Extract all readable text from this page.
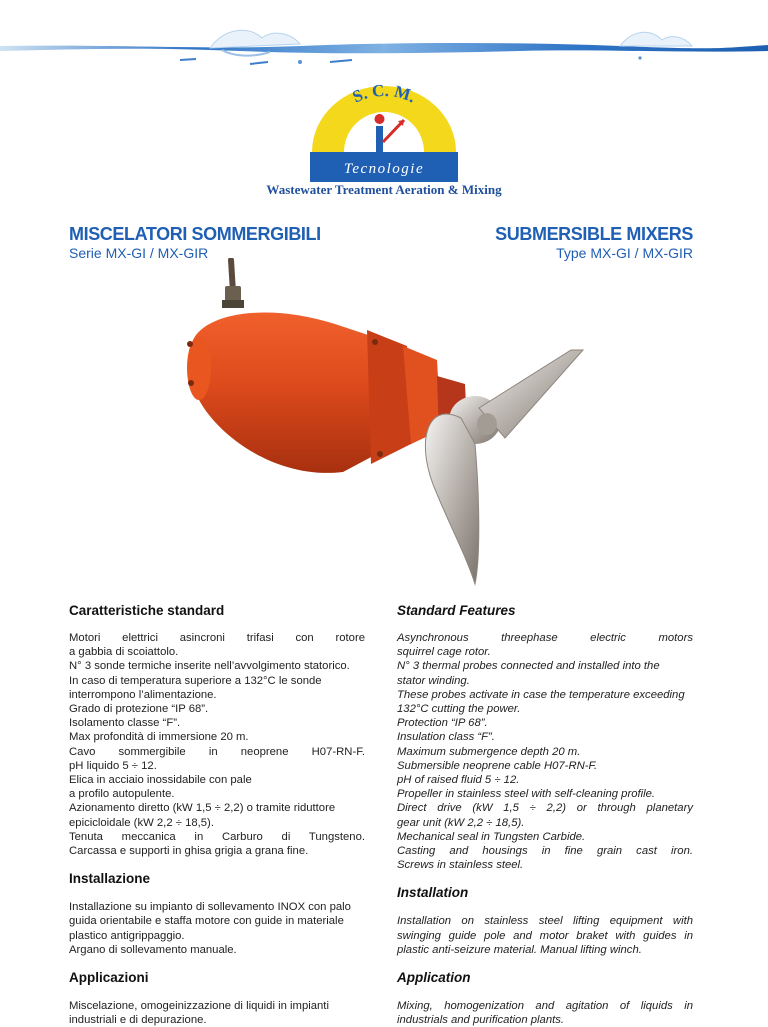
S. C. M.
Tecnologie
Wastewater Treatment Aeration & Mixing
MISCELATORI SOMMERGIBILI
Serie MX-GI / MX-GIR
SUBMERSIBLE MIXERS
Type MX-GI / MX-GIR
Caratteristiche standard
Motori elettrici asincroni trifasi con rotore
a gabbia di scoiattolo.
N° 3 sonde termiche inserite nell’avvolgimento statorico.
In caso di temperatura superiore a 132°C le sonde
interrompono l’alimentazione.
Grado di protezione “IP 68”.
Isolamento classe “F”.
Max profondità di immersione 20 m.
Cavo sommergibile in neoprene H07-RN-F.
pH liquido 5 ÷ 12.
Elica in acciaio inossidabile con pale
a profilo autopulente.
Azionamento diretto (kW 1,5 ÷ 2,2) o tramite riduttore
epicicloidale (kW 2,2 ÷ 18,5).
Tenuta meccanica in Carburo di Tungsteno.
Carcassa e supporti in ghisa grigia a grana fine.
Installazione
Installazione su impianto di sollevamento INOX con palo
guida orientabile e staffa motore con guide in materiale
plastico antigrippaggio.
Argano di sollevamento manuale.
Applicazioni
Miscelazione, omogeinizzazione di liquidi in impianti
industriali e di depurazione.
Standard Features
Asynchronous threephase electric motors
squirrel cage rotor.
N° 3 thermal probes connected and installed into the
stator winding.
These probes activate in case the temperature exceeding
132°C cutting the power.
Protection “IP 68”.
Insulation class “F”.
Maximum submergence depth 20 m.
Submersible neoprene cable H07-RN-F.
pH of raised fluid 5 ÷ 12.
Propeller in stainless steel with self-cleaning profile.
Direct drive (kW 1,5 ÷ 2,2) or through planetary
gear unit (kW 2,2 ÷ 18,5).
Mechanical seal in Tungsten Carbide.
Casting and housings in fine grain cast iron.
Screws in stainless steel.
Installation
Installation on stainless steel lifting equipment with
swinging guide pole and motor braket with guides in
plastic anti-seizure material. Manual lifting winch.
Application
Mixing, homogenization and agitation of liquids in
industrials and purification plants.
